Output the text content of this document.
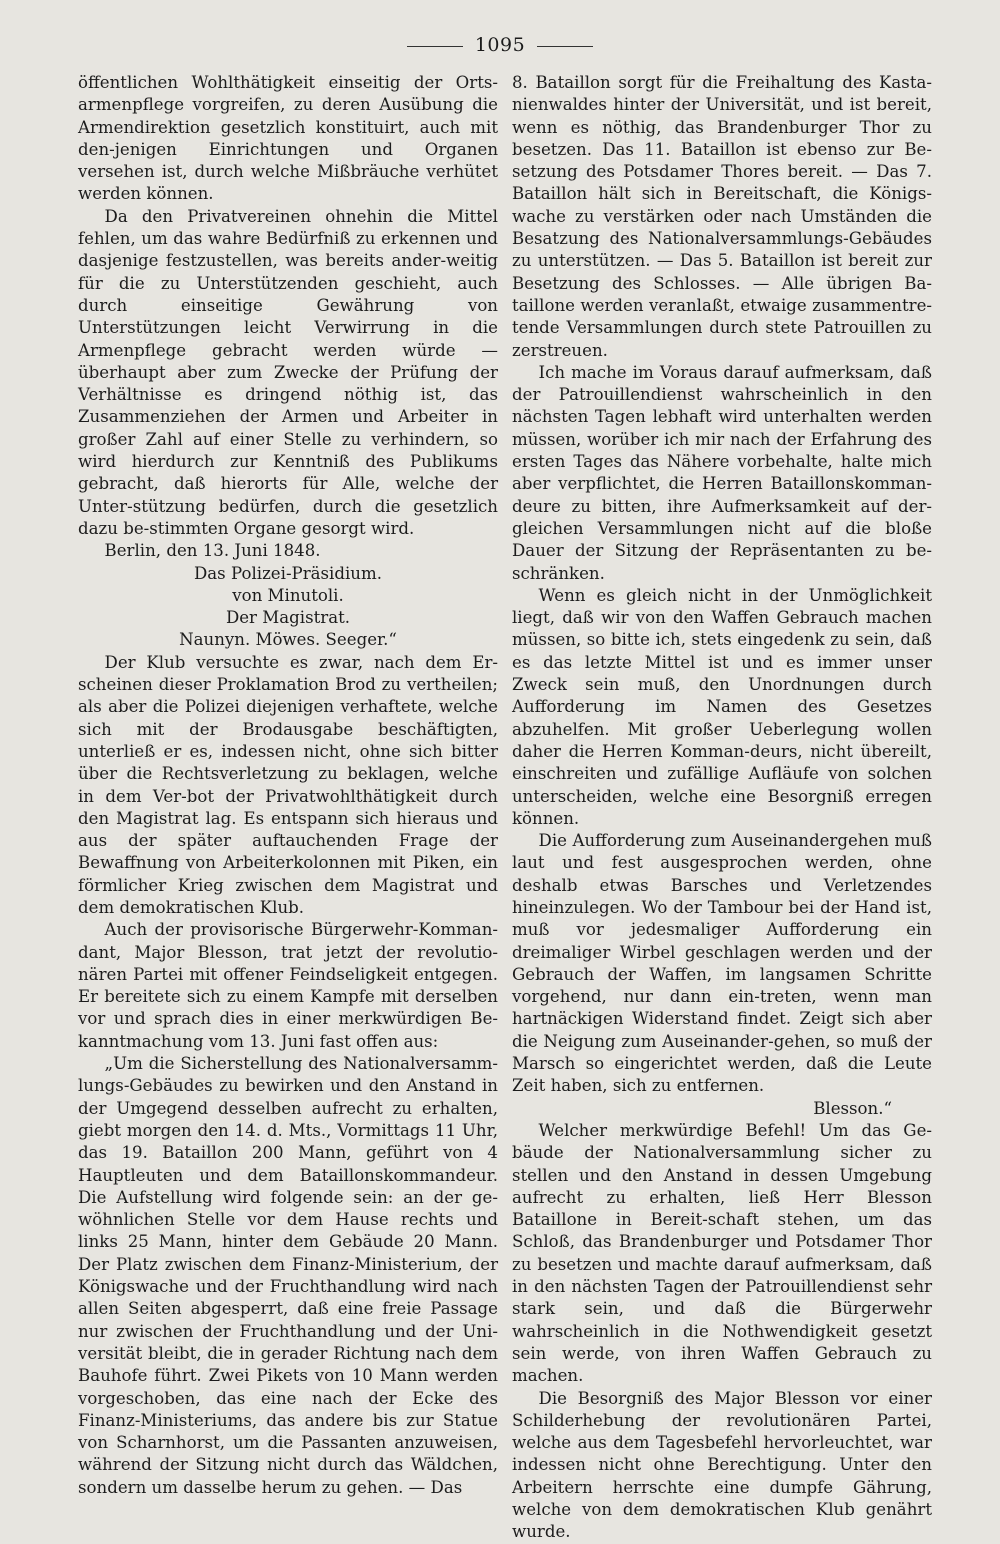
1095

öffentlichen Wohlthätigkeit einseitig der Orts-armenpflege vorgreifen, zu deren Ausübung die Armendirektion gesetzlich konstituirt, auch mit den-jenigen Einrichtungen und Organen versehen ist, durch welche Mißbräuche verhütet werden können.

Da den Privatvereinen ohnehin die Mittel fehlen, um das wahre Bedürfniß zu erkennen und dasjenige festzustellen, was bereits ander-weitig für die zu Unterstützenden geschieht, auch durch einseitige Gewährung von Unterstützungen leicht Verwirrung in die Armenpflege gebracht werden würde — überhaupt aber zum Zwecke der Prüfung der Verhältnisse es dringend nöthig ist, das Zusammenziehen der Armen und Arbeiter in großer Zahl auf einer Stelle zu verhindern, so wird hierdurch zur Kenntniß des Publikums gebracht, daß hierorts für Alle, welche der Unter-stützung bedürfen, durch die gesetzlich dazu be-stimmten Organe gesorgt wird.

Berlin, den 13. Juni 1848.

Das Polizei-Präsidium.

von Minutoli.

Der Magistrat.

Naunyn. Möwes. Seeger.“

Der Klub versuchte es zwar, nach dem Er-scheinen dieser Proklamation Brod zu vertheilen; als aber die Polizei diejenigen verhaftete, welche sich mit der Brodausgabe beschäftigten, unterließ er es, indessen nicht, ohne sich bitter über die Rechtsverletzung zu beklagen, welche in dem Ver-bot der Privatwohlthätigkeit durch den Magistrat lag. Es entspann sich hieraus und aus der später auftauchenden Frage der Bewaffnung von Arbeiterkolonnen mit Piken, ein förmlicher Krieg zwischen dem Magistrat und dem demokratischen Klub.

Auch der provisorische Bürgerwehr-Komman-dant, Major Blesson, trat jetzt der revolutio-nären Partei mit offener Feindseligkeit entgegen. Er bereitete sich zu einem Kampfe mit derselben vor und sprach dies in einer merkwürdigen Be-kanntmachung vom 13. Juni fast offen aus:

„Um die Sicherstellung des Nationalversamm-lungs-Gebäudes zu bewirken und den Anstand in der Umgegend desselben aufrecht zu erhalten, giebt morgen den 14. d. Mts., Vormittags 11 Uhr, das 19. Bataillon 200 Mann, geführt von 4 Hauptleuten und dem Bataillonskommandeur. Die Aufstellung wird folgende sein: an der ge-wöhnlichen Stelle vor dem Hause rechts und links 25 Mann, hinter dem Gebäude 20 Mann. Der Platz zwischen dem Finanz-Ministerium, der Königswache und der Fruchthandlung wird nach allen Seiten abgesperrt, daß eine freie Passage nur zwischen der Fruchthandlung und der Uni-versität bleibt, die in gerader Richtung nach dem Bauhofe führt. Zwei Pikets von 10 Mann werden vorgeschoben, das eine nach der Ecke des Finanz-Ministeriums, das andere bis zur Statue von Scharnhorst, um die Passanten anzuweisen, während der Sitzung nicht durch das Wäldchen, sondern um dasselbe herum zu gehen. — Das

8. Bataillon sorgt für die Freihaltung des Kasta-nienwaldes hinter der Universität, und ist bereit, wenn es nöthig, das Brandenburger Thor zu besetzen. Das 11. Bataillon ist ebenso zur Be-setzung des Potsdamer Thores bereit. — Das 7. Bataillon hält sich in Bereitschaft, die Königs-wache zu verstärken oder nach Umständen die Besatzung des Nationalversammlungs-Gebäudes zu unterstützen. — Das 5. Bataillon ist bereit zur Besetzung des Schlosses. — Alle übrigen Ba-taillone werden veranlaßt, etwaige zusammentre-tende Versammlungen durch stete Patrouillen zu zerstreuen.

Ich mache im Voraus darauf aufmerksam, daß der Patrouillendienst wahrscheinlich in den nächsten Tagen lebhaft wird unterhalten werden müssen, worüber ich mir nach der Erfahrung des ersten Tages das Nähere vorbehalte, halte mich aber verpflichtet, die Herren Bataillonskomman-deure zu bitten, ihre Aufmerksamkeit auf der-gleichen Versammlungen nicht auf die bloße Dauer der Sitzung der Repräsentanten zu be-schränken.

Wenn es gleich nicht in der Unmöglichkeit liegt, daß wir von den Waffen Gebrauch machen müssen, so bitte ich, stets eingedenk zu sein, daß es das letzte Mittel ist und es immer unser Zweck sein muß, den Unordnungen durch Aufforderung im Namen des Gesetzes abzuhelfen. Mit großer Ueberlegung wollen daher die Herren Komman-deurs, nicht übereilt, einschreiten und zufällige Aufläufe von solchen unterscheiden, welche eine Besorgniß erregen können.

Die Aufforderung zum Auseinandergehen muß laut und fest ausgesprochen werden, ohne deshalb etwas Barsches und Verletzendes hineinzulegen. Wo der Tambour bei der Hand ist, muß vor jedesmaliger Aufforderung ein dreimaliger Wirbel geschlagen werden und der Gebrauch der Waffen, im langsamen Schritte vorgehend, nur dann ein-treten, wenn man hartnäckigen Widerstand findet. Zeigt sich aber die Neigung zum Auseinander-gehen, so muß der Marsch so eingerichtet werden, daß die Leute Zeit haben, sich zu entfernen.

Blesson.“

Welcher merkwürdige Befehl! Um das Ge-bäude der Nationalversammlung sicher zu stellen und den Anstand in dessen Umgebung aufrecht zu erhalten, ließ Herr Blesson Bataillone in Bereit-schaft stehen, um das Schloß, das Brandenburger und Potsdamer Thor zu besetzen und machte darauf aufmerksam, daß in den nächsten Tagen der Patrouillendienst sehr stark sein, und daß die Bürgerwehr wahrscheinlich in die Nothwendigkeit gesetzt sein werde, von ihren Waffen Gebrauch zu machen.

Die Besorgniß des Major Blesson vor einer Schilderhebung der revolutionären Partei, welche aus dem Tagesbefehl hervorleuchtet, war indessen nicht ohne Berechtigung. Unter den Arbeitern herrschte eine dumpfe Gährung, welche von dem demokratischen Klub genährt wurde.
